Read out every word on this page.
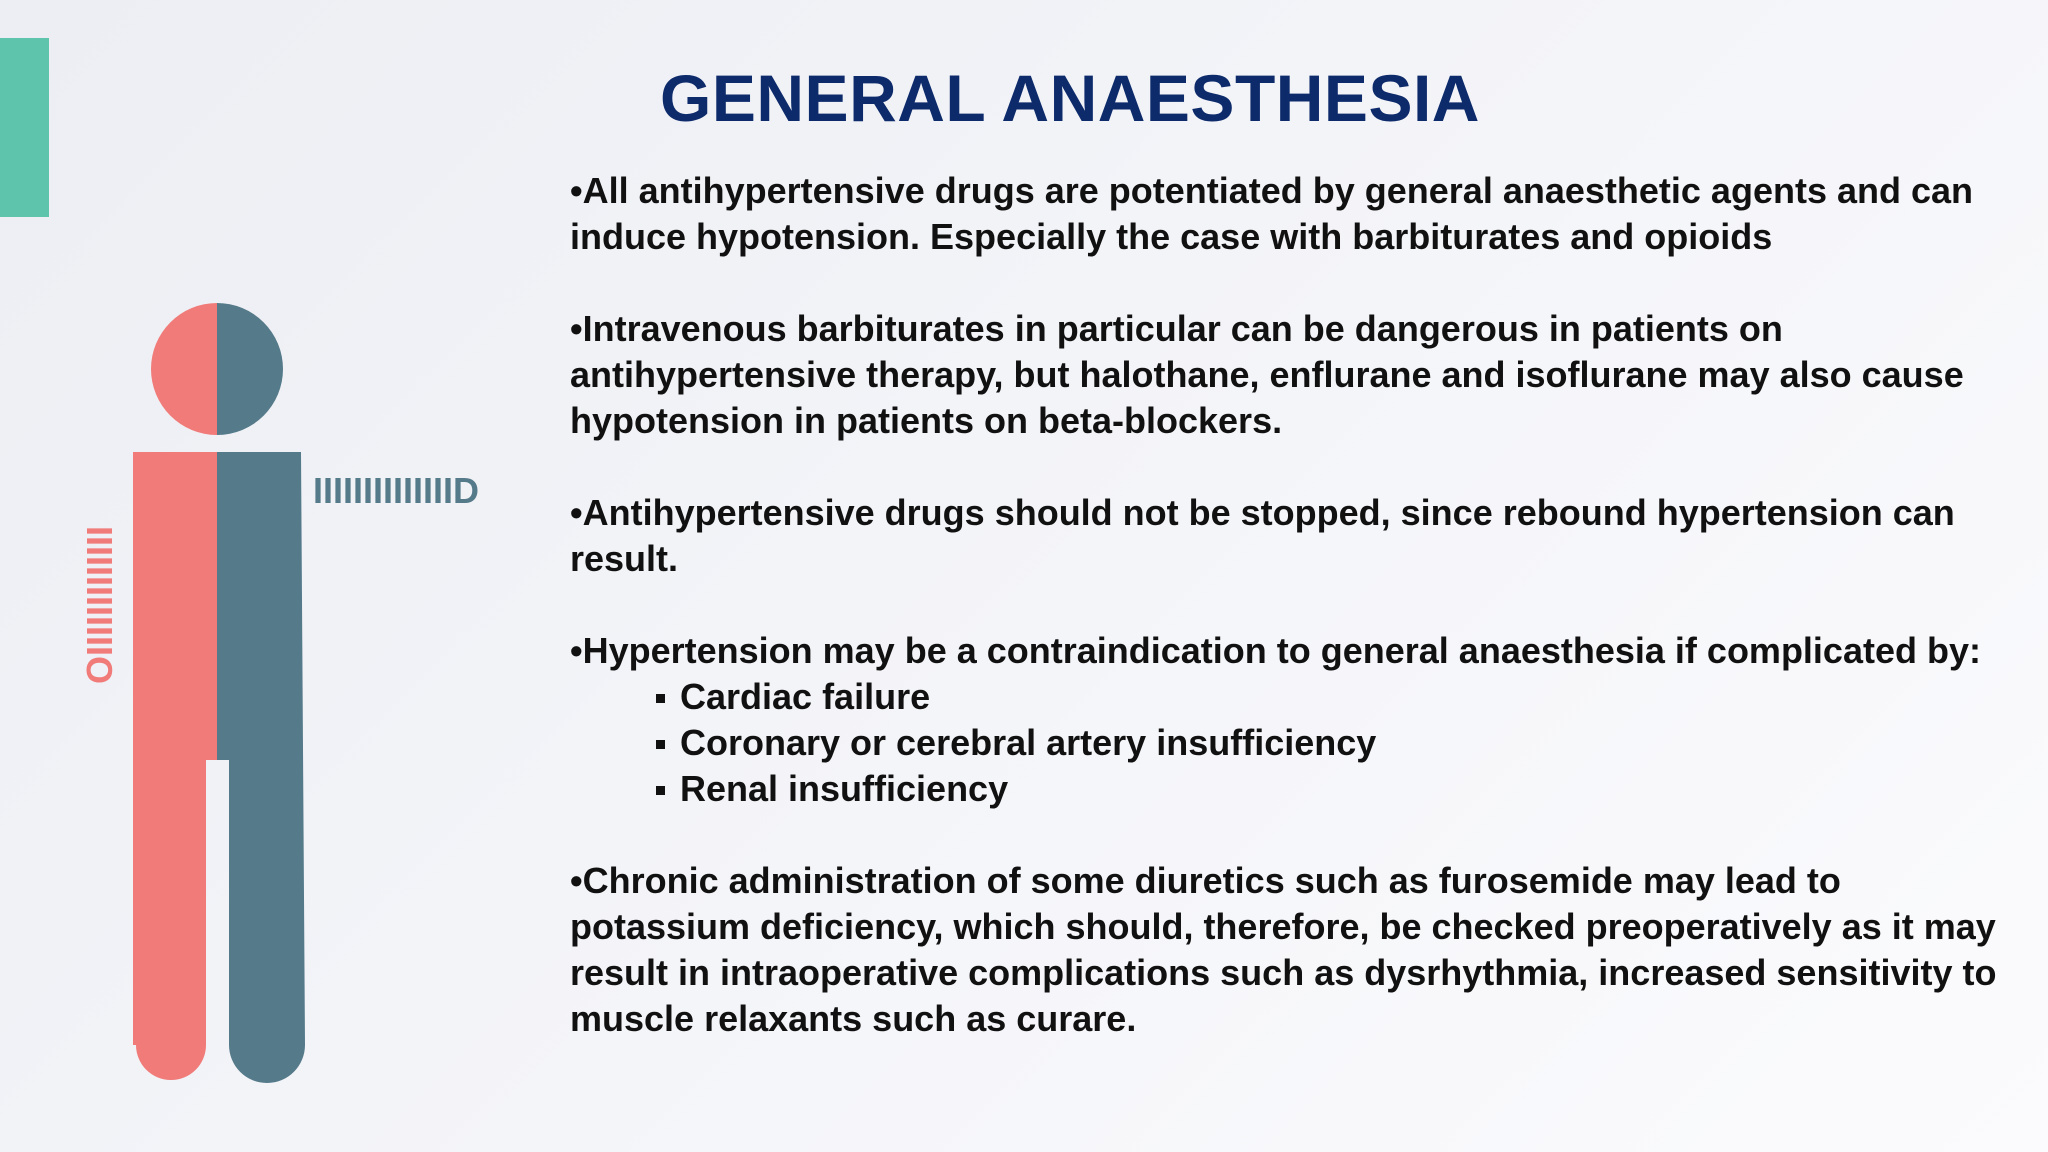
IIIIIIIIIIIIIID
OIIIIIIIIIIIII
GENERAL ANAESTHESIA

•All antihypertensive drugs are potentiated by general anaesthetic agents and can induce hypotension. Especially the case with barbiturates and opioids

•Intravenous barbiturates in particular can be dangerous in patients on antihypertensive therapy, but halothane, enflurane and isoflurane may also cause hypotension in patients on beta-blockers.

•Antihypertensive drugs should not be stopped, since rebound hypertension can result.

•Hypertension may be a contraindication to general anaesthesia if complicated by:

Cardiac failure
Coronary or cerebral artery insufficiency
Renal insufficiency

•Chronic administration of some diuretics such as furosemide may lead to potassium deficiency, which should, therefore, be checked preoperatively as it may result in intraoperative complications such as dysrhythmia, increased sensitivity to muscle relaxants such as curare.
